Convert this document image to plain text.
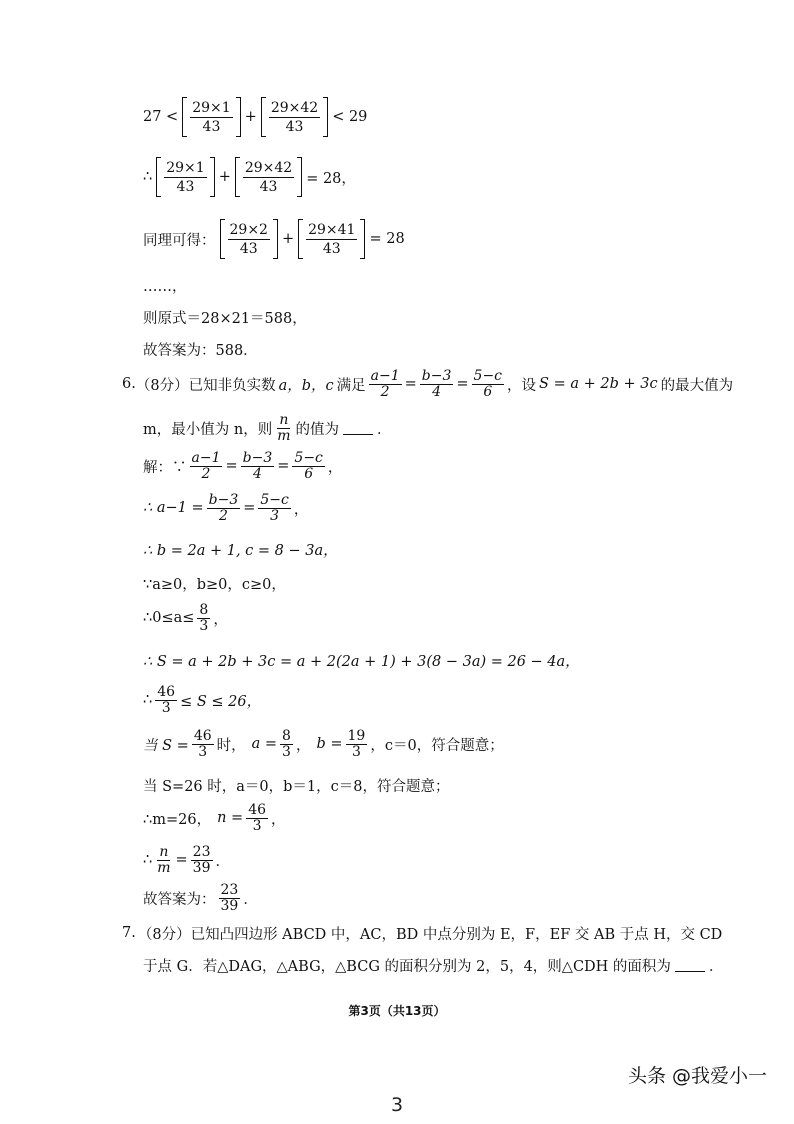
$27 < \frac{29\times 1}{43} + \frac{29\times 42}{43} < 29$
∴ $\frac{29\times 1}{43} + \frac{29\times 42}{43} = 28$，
同理可得： $\frac{29\times 2}{43} + \frac{29\times 41}{43} = 28$
……，
则原式＝28×21＝588，
故答案为：588．
6. （8分）已知非负实数 a，b，c 满足 $\frac{a-1}{2} = \frac{b-3}{4} = \frac{5-c}{6}$ ，设 S = a + 2b + 3c 的最大值为
m，最小值为 n，则 $\frac{n}{m}$ 的值为	．
解：∵ $\frac{a-1}{2} = \frac{b-3}{4} = \frac{5-c}{6}$ ，
∴ $a-1 = \frac{b-3}{2} = \frac{5-c}{3}$ ，
∴ b = 2a + 1, c = 8 − 3a，
∵a≥0，b≥0，c≥0，
∴0≤a≤ $\frac{8}{3}$ ，
∴ S = a + 2b + 3c = a + 2(2a + 1) + 3(8 − 3a) = 26 − 4a，
∴ $\frac{46}{3} \le S \le 26$，
当 $S = \frac{46}{3}$ 时， $a = \frac{8}{3}$ ， $b = \frac{19}{3}$ ，c＝0，符合题意；
当 S=26 时，a＝0，b＝1，c＝8，符合题意；
∴m=26， $n = \frac{46}{3}$ ，
∴ $\frac{n}{m} = \frac{23}{39}$ ．
故答案为： $\frac{23}{39}$ ．
7. （8分）已知凸四边形 ABCD 中，AC，BD 中点分别为 E，F，EF 交 AB 于点 H，交 CD
于点 G．若△DAG，△ABG，△BCG 的面积分别为 2，5，4，则△CDH 的面积为	．
第3页（共13页）
头条 @我爱小一
3
